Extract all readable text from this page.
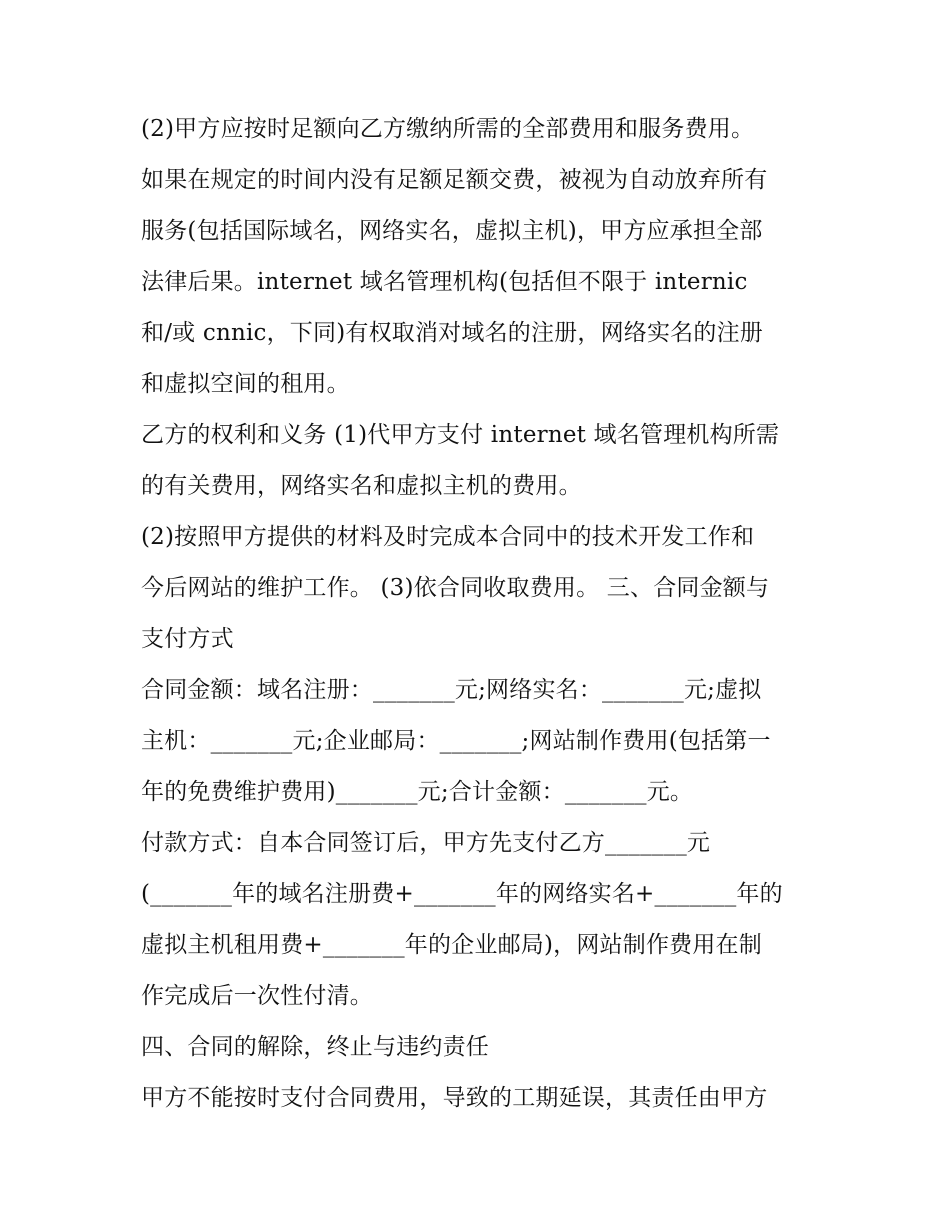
(2)甲方应按时足额向乙方缴纳所需的全部费用和服务费用。
如果在规定的时间内没有足额足额交费，被视为自动放弃所有
服务(包括国际域名，网络实名，虚拟主机)，甲方应承担全部
法律后果。internet 域名管理机构(包括但不限于 internic
和/或 cnnic，下同)有权取消对域名的注册，网络实名的注册
和虚拟空间的租用。
乙方的权利和义务 (1)代甲方支付 internet 域名管理机构所需
的有关费用，网络实名和虚拟主机的费用。
(2)按照甲方提供的材料及时完成本合同中的技术开发工作和
今后网站的维护工作。 (3)依合同收取费用。 三、合同金额与
支付方式
合同金额：域名注册：_______元;网络实名：_______元;虚拟
主机：_______元;企业邮局：_______;网站制作费用(包括第一
年的免费维护费用)_______元;合计金额：_______元。
付款方式：自本合同签订后，甲方先支付乙方_______元
(_______年的域名注册费+_______年的网络实名+_______年的
虚拟主机租用费+_______年的企业邮局)，网站制作费用在制
作完成后一次性付清。
四、合同的解除，终止与违约责任
甲方不能按时支付合同费用，导致的工期延误，其责任由甲方
